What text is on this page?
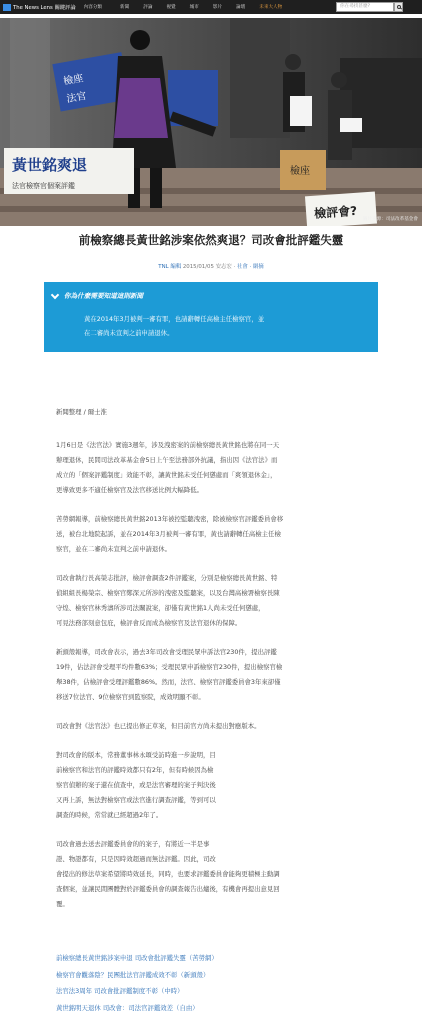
The News Lens 關鍵評論 內容分類	新聞	評論	視覺	城市	影片	論壇	未來大人物	你在尋找甚麼?
檢座
法官
黃世銘爽退
法官檢察官個案評鑑
檢座
檢評會? 圖片來源：司法改革基金會
前檢察總長黃世銘涉案依然爽退？司改會批評鑑失靈
TNL 編輯 2015/01/05 安志宏 · 社會 · 網摘
你為什麼需要知道這則新聞

黃在2014年3月被判一審有罪，也請辭轉任高檢主任檢察官，並

在二審尚未宣判之前申請退休。

新聞整理 / 爾士淮

1月6日是《法官法》實施3週年，涉及洩密案的前檢察總長黃世銘也將在同一天
辦理退休，民間司法改革基金會5日上午至法務部外抗議，指出因《法官法》而
成立的「個案評鑑制度」效能不彰，讓黃世銘未受任何懲處而「爽領退休金」，
更導致更多不適任檢察官及法官移送比例大幅降低。

苦勞網報導，前檢察總長黃世銘2013年被控監聽洩密，除被檢察官評鑑委員會移
送，被台北地院起訴，並在2014年3月被判一審有罪，黃也請辭轉任高檢主任檢
察官，並在二審尚未宣判之前申請退休。

司改會執行長高榮志批評，檢評會調查2件評鑑案，分別是檢察總長黃世銘、特
偵組組長楊榮宗、檢察官鄭深元所涉的洩密及監聽案，以及台灣高檢署檢察長陳
守煌、檢察官林秀濤所涉司法關說案，卻僅有黃世銘1人尚未受任何懲處，
可見法務部刻意包庇，檢評會反而成為檢察官及法官退休的保障。

新頭殼報導，司改會表示，過去3年司改會受理民眾申訴法官230件，提出評鑑
19件，佔法評會受理平均件數63%；受理民眾申訴檢察官230件，提出檢察官檢
舉38件，佔檢評會受理評鑑數86%。然而，法官、檢察官評鑑委員會3年來卻僅
移送7位法官、9位檢察官到監察院，成效明顯不彰。

司改會對《法官法》也已提出修正草案，但目前官方尚未提出對應版本。

對司改會的版本，常務董事林永頌受訪時進一步說明，目
前檢察官和法官的評鑑時效都只有2年，但有時候因為檢
察官偵辦的案子還在偵查中，或是法官審理的案子判決後
又再上訴，無法對檢察官或法官進行調查評鑑，等到可以
調查的時候，常常就已經超過2年了。

司改會過去送去評鑑委員會的的案子，有將近一半是事
證、物證都有，只是因時效超過而無法評鑑。因此，司改
會提出的修法草案希望將時效延長，同時，也要求評鑑委員會能夠更積極主動調
查個案，並讓民間團體對於評鑑委員會的調查報告出爐後，有機會再提出意見回
覆。

前檢察總長黃世銘涉案申退 司改會批評鑑失靈（苦勞網）
檢察官會觀落陰？民團批法官評鑑成效不彰（新頭殼）
法官法3周年 司改會批評鑑制度不彰（中時）
黃世銘明天退休 司改會：司法官評鑑效差（自由）
